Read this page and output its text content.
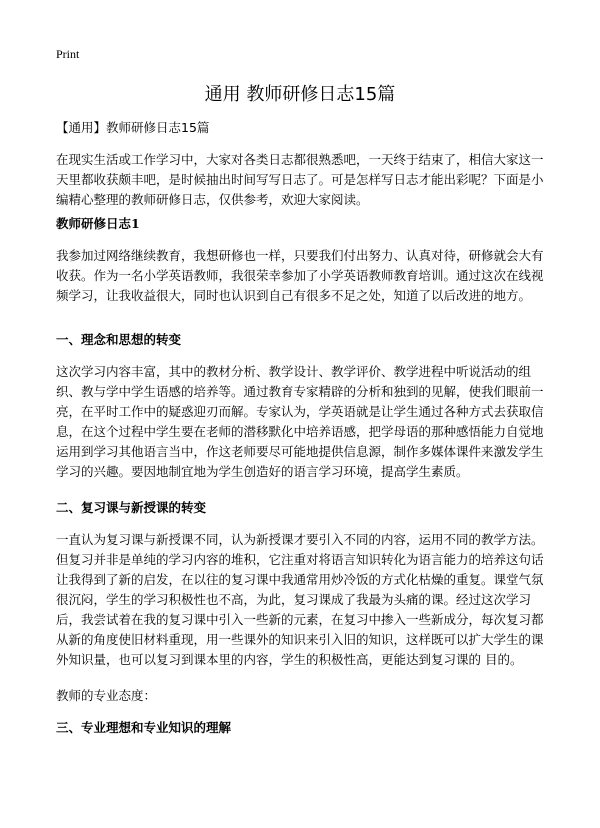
Print
通用 教师研修日志15篇

【通用】教师研修日志15篇

在现实生活或工作学习中，大家对各类日志都很熟悉吧，一天终于结束了，相信大家这一天里都收获颇丰吧，是时候抽出时间写写日志了。可是怎样写日志才能出彩呢？下面是小编精心整理的教师研修日志，仅供参考，欢迎大家阅读。

教师研修日志1

我参加过网络继续教育，我想研修也一样，只要我们付出努力、认真对待，研修就会大有收获。作为一名小学英语教师，我很荣幸参加了小学英语教师教育培训。通过这次在线视频学习，让我收益很大，同时也认识到自己有很多不足之处，知道了以后改进的地方。

一、理念和思想的转变

这次学习内容丰富，其中的教材分析、教学设计、教学评价、教学进程中听说活动的组织、教与学中学生语感的培养等。通过教育专家精辟的分析和独到的见解，使我们眼前一亮，在平时工作中的疑惑迎刃而解。专家认为，学英语就是让学生通过各种方式去获取信息，在这个过程中学生要在老师的潜移默化中培养语感，把学母语的那种感悟能力自觉地运用到学习其他语言当中，作这老师要尽可能地提供信息源，制作多媒体课件来激发学生学习的兴趣。要因地制宜地为学生创造好的语言学习环境，提高学生素质。

二、复习课与新授课的转变

一直认为复习课与新授课不同，认为新授课才要引入不同的内容，运用不同的教学方法。但复习并非是单纯的学习内容的堆积，它注重对将语言知识转化为语言能力的培养这句话让我得到了新的启发，在以往的复习课中我通常用炒冷饭的方式化枯燥的重复。课堂气氛很沉闷，学生的学习积极性也不高，为此，复习课成了我最为头痛的课。经过这次学习后，我尝试着在我的复习课中引入一些新的元素，在复习中掺入一些新成分，每次复习都从新的角度使旧材料重现，用一些课外的知识来引入旧的知识，这样既可以扩大学生的课外知识量，也可以复习到课本里的内容，学生的积极性高，更能达到复习课的 目的。

教师的专业态度：

三、专业理想和专业知识的理解
